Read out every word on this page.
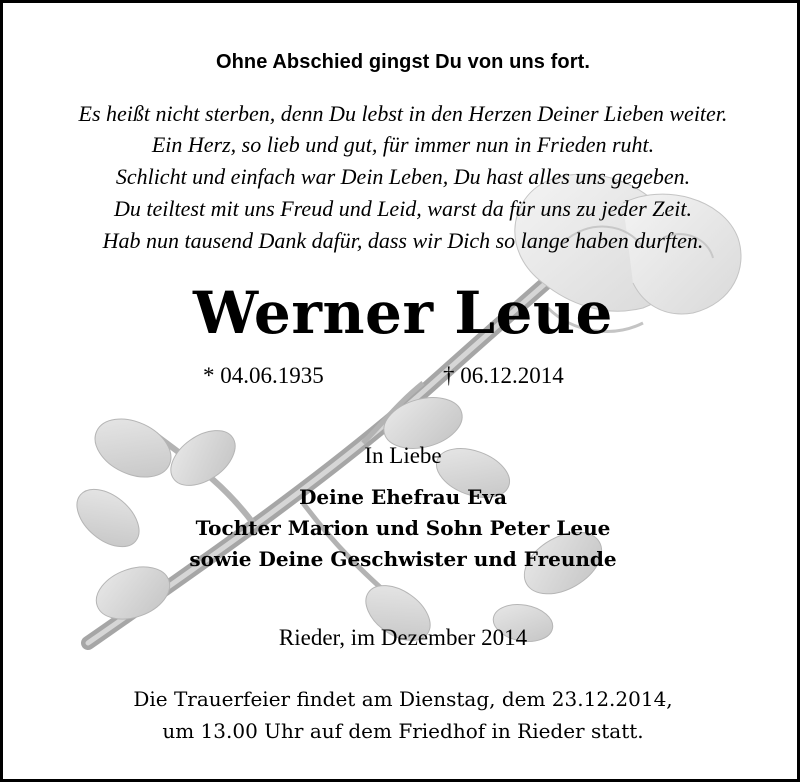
Ohne Abschied gingst Du von uns fort.
Es heißt nicht sterben, denn Du lebst in den Herzen Deiner Lieben weiter.
Ein Herz, so lieb und gut, für immer nun in Frieden ruht.
Schlicht und einfach war Dein Leben, Du hast alles uns gegeben.
Du teiltest mit uns Freud und Leid, warst da für uns zu jeder Zeit.
Hab nun tausend Dank dafür, dass wir Dich so lange haben durften.
Werner Leue
* 04.06.1935	† 06.12.2014
In Liebe
Deine Ehefrau Eva
Tochter Marion und Sohn Peter Leue
sowie Deine Geschwister und Freunde
Rieder, im Dezember 2014
Die Trauerfeier findet am Dienstag, dem 23.12.2014,
um 13.00 Uhr auf dem Friedhof in Rieder statt.
